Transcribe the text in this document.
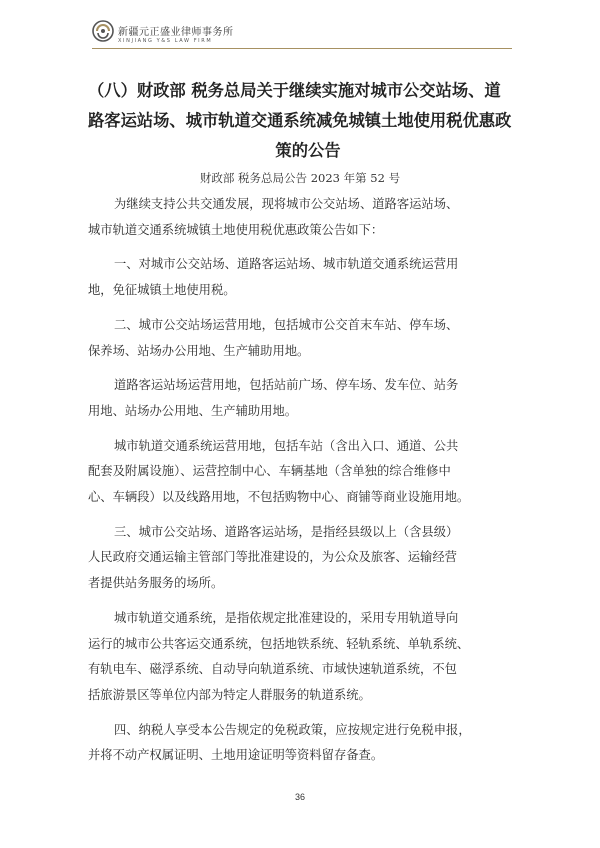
新疆元正盛业律师事务所
XINJIANG Y&S LAW FIRM
（八）财政部 税务总局关于继续实施对城市公交站场、道
路客运站场、城市轨道交通系统减免城镇土地使用税优惠政
策的公告
财政部 税务总局公告 2023 年第 52 号

为继续支持公共交通发展，现将城市公交站场、道路客运站场、
城市轨道交通系统城镇土地使用税优惠政策公告如下：

一、对城市公交站场、道路客运站场、城市轨道交通系统运营用
地，免征城镇土地使用税。

二、城市公交站场运营用地，包括城市公交首末车站、停车场、
保养场、站场办公用地、生产辅助用地。

道路客运站场运营用地，包括站前广场、停车场、发车位、站务
用地、站场办公用地、生产辅助用地。

城市轨道交通系统运营用地，包括车站（含出入口、通道、公共
配套及附属设施）、运营控制中心、车辆基地（含单独的综合维修中
心、车辆段）以及线路用地，不包括购物中心、商铺等商业设施用地。

三、城市公交站场、道路客运站场，是指经县级以上（含县级）
人民政府交通运输主管部门等批准建设的，为公众及旅客、运输经营
者提供站务服务的场所。

城市轨道交通系统，是指依规定批准建设的，采用专用轨道导向
运行的城市公共客运交通系统，包括地铁系统、轻轨系统、单轨系统、
有轨电车、磁浮系统、自动导向轨道系统、市域快速轨道系统，不包
括旅游景区等单位内部为特定人群服务的轨道系统。

四、纳税人享受本公告规定的免税政策，应按规定进行免税申报，
并将不动产权属证明、土地用途证明等资料留存备查。

36
